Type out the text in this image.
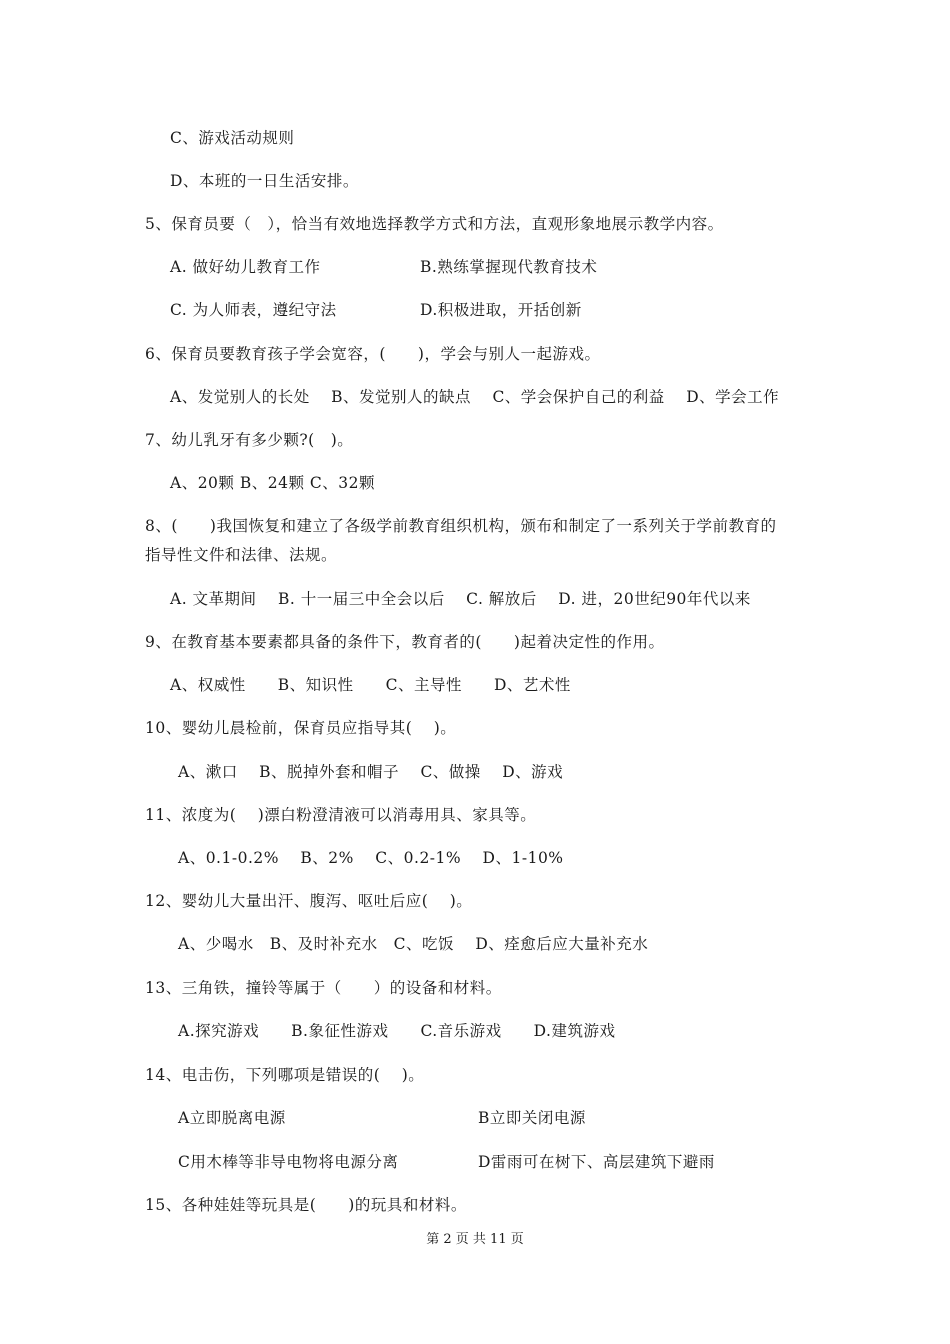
C、游戏活动规则
D、本班的一日生活安排。
5、保育员要（　），恰当有效地选择教学方式和方法，直观形象地展示教学内容。
A. 做好幼儿教育工作	B.熟练掌握现代教育技术
C. 为人师表，遵纪守法	D.积极进取，开括创新
6、保育员要教育孩子学会宽容，(　　)，学会与别人一起游戏。
A、发觉别人的长处　 B、发觉别人的缺点　 C、学会保护自己的利益　 D、学会工作
7、幼儿乳牙有多少颗?(　)。
A、20颗 B、24颗 C、32颗
8、(　　)我国恢复和建立了各级学前教育组织机构，颁布和制定了一系列关于学前教育的
指导性文件和法律、法规。
A. 文革期间　 B. 十一届三中全会以后　 C. 解放后　 D. 进，20世纪90年代以来
9、在教育基本要素都具备的条件下，教育者的(　　)起着决定性的作用。
A、权威性　　B、知识性　　C、主导性　　D、艺术性
10、婴幼儿晨检前，保育员应指导其(　 )。
A、漱口　 B、脱掉外套和帽子　 C、做操　 D、游戏
11、浓度为(　 )漂白粉澄清液可以消毒用具、家具等。
A、0.1-0.2%　 B、2%　 C、0.2-1%　 D、1-10%
12、婴幼儿大量出汗、腹泻、呕吐后应(　 )。
A、少喝水　B、及时补充水　C、吃饭　 D、痊愈后应大量补充水
13、三角铁，撞铃等属于（　　）的设备和材料。
A.探究游戏　　B.象征性游戏　　C.音乐游戏　　D.建筑游戏
14、电击伤，下列哪项是错误的(　 )。
A立即脱离电源	B立即关闭电源
C用木棒等非导电物将电源分离	D雷雨可在树下、高层建筑下避雨
15、各种娃娃等玩具是(　　)的玩具和材料。
第 2 页 共 11 页
